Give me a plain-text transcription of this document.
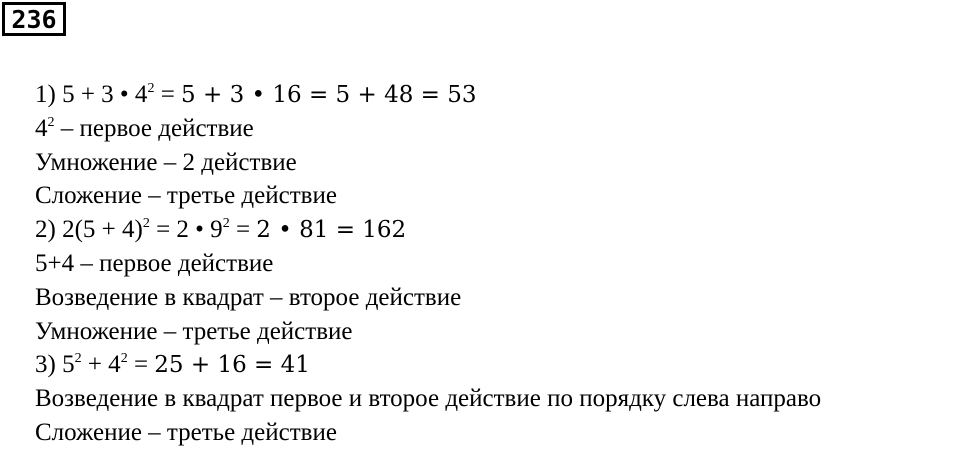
236
1) 5 + 3 • $4^2 = 5 + 3$ • 16 = 5 + 48 = 53
$4^2$ – первое действие
Умножение – 2 действие
Сложение – третье действие
2) $2(5 + 4)^2 = 2$ • $9^2 = 2$ • 81 = 162
5+4 – первое действие
Возведение в квадрат – второе действие
Умножение – третье действие
3) $5^2 + 4^2 = 25 + 16 = 41$
Возведение в квадрат первое и второе действие по порядку слева направо
Сложение – третье действие
